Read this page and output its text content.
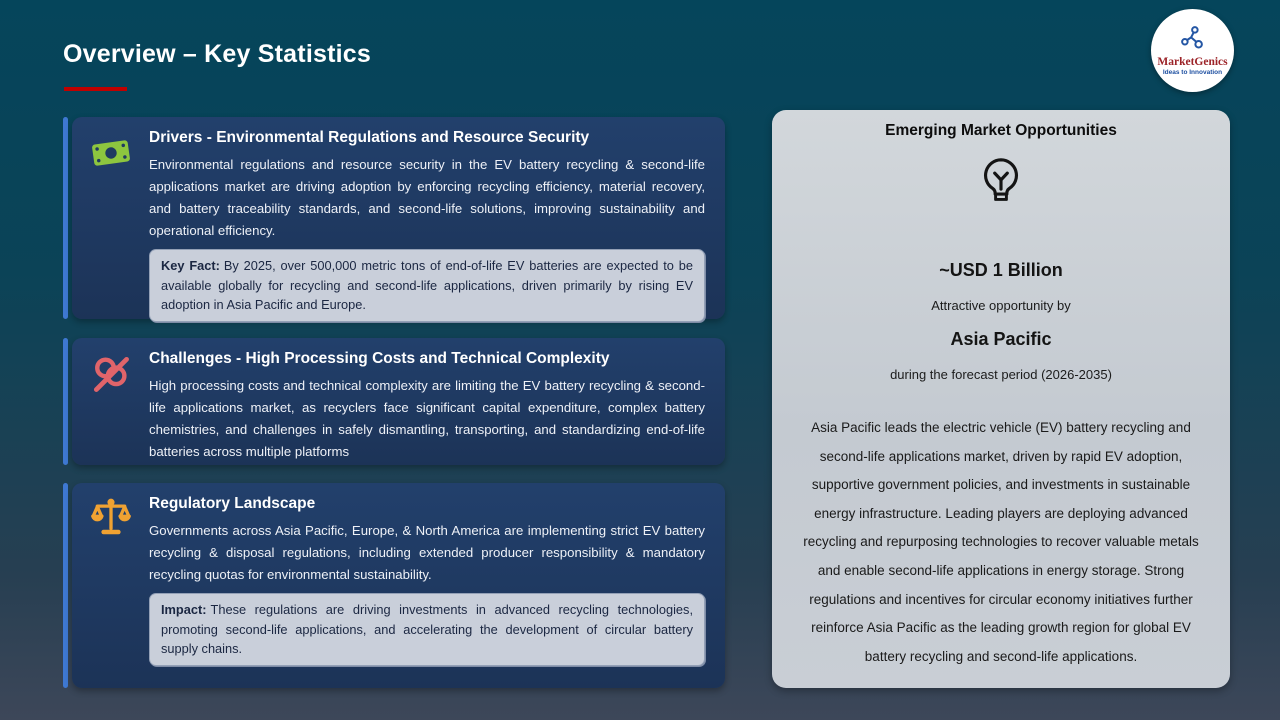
Overview – Key Statistics	MarketGenics
Ideas to Innovation
Drivers - Environmental Regulations and Resource Security
Environmental regulations and resource security in the EV battery recycling & second-life applications market are driving adoption by enforcing recycling efficiency, material recovery, and battery traceability standards, and second-life solutions, improving sustainability and operational efficiency.
Key Fact: By 2025, over 500,000 metric tons of end-of-life EV batteries are expected to be available globally for recycling and second-life applications, driven primarily by rising EV adoption in Asia Pacific and Europe.
Challenges - High Processing Costs and Technical Complexity
High processing costs and technical complexity are limiting the EV battery recycling & second-life applications market, as recyclers face significant capital expenditure, complex battery chemistries, and challenges in safely dismantling, transporting, and standardizing end-of-life batteries across multiple platforms
Regulatory Landscape
Governments across Asia Pacific, Europe, & North America are implementing strict EV battery recycling & disposal regulations, including extended producer responsibility & mandatory recycling quotas for environmental sustainability.
Impact: These regulations are driving investments in advanced recycling technologies, promoting second-life applications, and accelerating the development of circular battery supply chains.
Emerging Market Opportunities
~USD 1 Billion
Attractive opportunity by
Asia Pacific
during the forecast period (2026-2035)
Asia Pacific leads the electric vehicle (EV) battery recycling and second-life applications market, driven by rapid EV adoption, supportive government policies, and investments in sustainable energy infrastructure. Leading players are deploying advanced recycling and repurposing technologies to recover valuable metals and enable second-life applications in energy storage. Strong regulations and incentives for circular economy initiatives further reinforce Asia Pacific as the leading growth region for global EV battery recycling and second-life applications.
